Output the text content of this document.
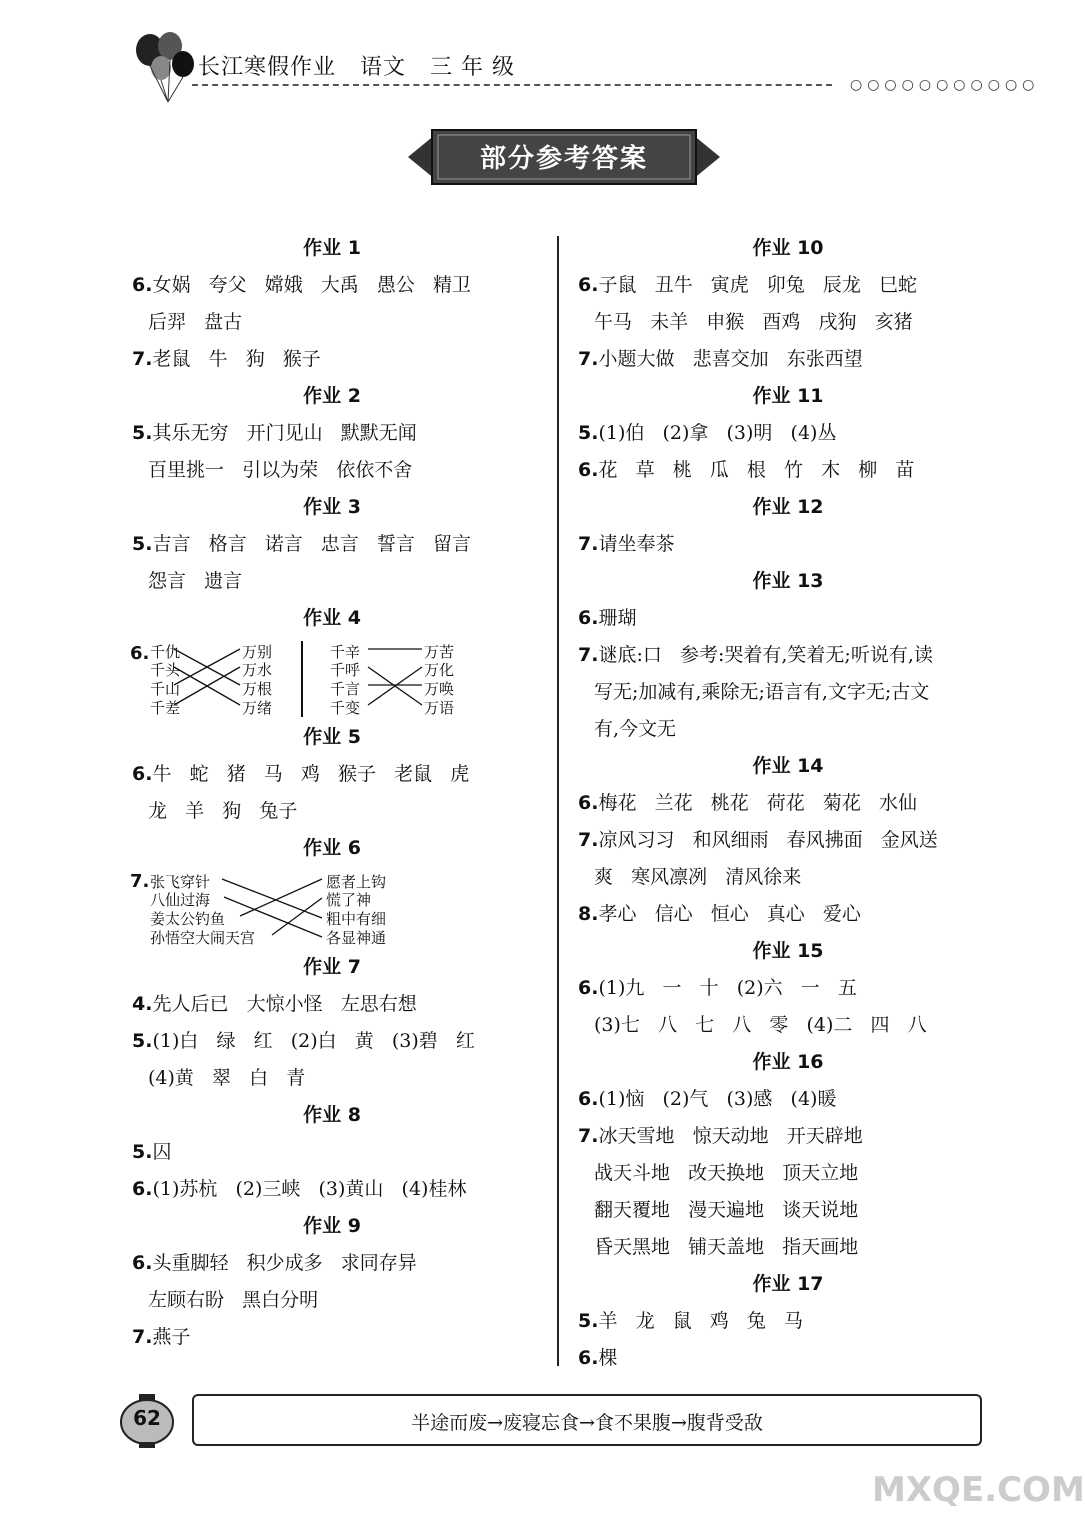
长江寒假作业   语文   三 年 级
○○○○○○○○○○○
部分参考答案
作业 1
6.女娲   夸父   嫦娥   大禹   愚公   精卫
后羿   盘古
7.老鼠   牛   狗   猴子
作业 2
5.其乐无穷   开门见山   默默无闻
百里挑一   引以为荣   依依不舍
作业 3
5.吉言   格言   诺言   忠言   誓言   留言
怨言   遗言
作业 4
6. 千仇
千头
千山
千差
万别
万水
万根
万绪
千辛
千呼
千言
千变
万苦
万化
万唤
万语
作业 5
6.牛   蛇   猪   马   鸡   猴子   老鼠   虎
龙   羊   狗   兔子
作业 6
7. 张飞穿针
八仙过海
姜太公钓鱼
孙悟空大闹天宫
愿者上钩
慌了神
粗中有细
各显神通
作业 7
4.先人后已   大惊小怪   左思右想
5.(1)白   绿   红   (2)白   黄   (3)碧   红
(4)黄   翠   白   青
作业 8
5.囚
6.(1)苏杭   (2)三峡   (3)黄山   (4)桂林
作业 9
6.头重脚轻   积少成多   求同存异
左顾右盼   黑白分明
7.燕子
作业 10
6.子鼠   丑牛   寅虎   卯兔   辰龙   巳蛇
午马   未羊   申猴   酉鸡   戌狗   亥猪
7.小题大做   悲喜交加   东张西望
作业 11
5.(1)伯   (2)拿   (3)明   (4)丛
6.花   草   桃   瓜   根   竹   木   柳   苗
作业 12
7.请坐奉茶
作业 13
6.珊瑚
7.谜底:口   参考:哭着有,笑着无;听说有,读
写无;加减有,乘除无;语言有,文字无;古文
有,今文无
作业 14
6.梅花   兰花   桃花   荷花   菊花   水仙
7.凉风习习   和风细雨   春风拂面   金风送
爽   寒风凛冽   清风徐来
8.孝心   信心   恒心   真心   爱心
作业 15
6.(1)九   一   十   (2)六   一   五
(3)七   八   七   八   零   (4)二   四   八
作业 16
6.(1)恼   (2)气   (3)感   (4)暖
7.冰天雪地   惊天动地   开天辟地
战天斗地   改天换地   顶天立地
翻天覆地   漫天遍地   谈天说地
昏天黑地   铺天盖地   指天画地
作业 17
5.羊   龙   鼠   鸡   兔   马
6.棵
62	半途而废→废寝忘食→食不果腹→腹背受敌
MXQE.COM
